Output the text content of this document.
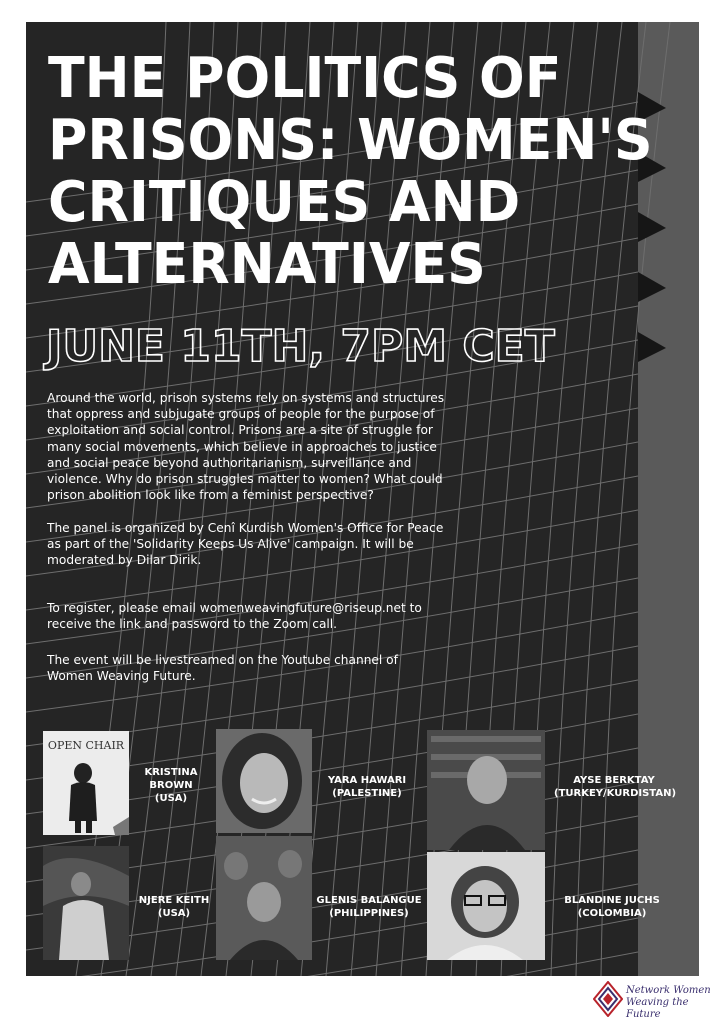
THE POLITICS OF PRISONS: WOMEN'S CRITIQUES AND ALTERNATIVES
JUNE 11TH, 7PM CET

Around the world, prison systems rely on systems and structures that oppress and subjugate groups of people for the purpose of exploitation and social control. Prisons are a site of struggle for many social movements, which believe in approaches to justice and social peace beyond authoritarianism, surveillance and violence. Why do prison struggles matter to women? What could prison abolition look like from a feminist perspective?

The panel is organized by Cenî Kurdish Women's Office for Peace as part of the 'Solidarity Keeps Us Alive' campaign. It will be moderated by Dilar Dirik.

To register, please email womenweavingfuture@riseup.net to receive the link and password to the Zoom call.

The event will be livestreamed on the Youtube channel of Women Weaving Future.

OPEN CHAIR
KRISTINA BROWN
(USA)
YARA HAWARI
(PALESTINE)
AYSE BERKTAY
(TURKEY/KURDISTAN)
NJERE KEITH
(USA)
GLENIS BALANGUE
(PHILIPPINES)
BLANDINE JUCHS
(COLOMBIA)
Network Women
Weaving the Future
